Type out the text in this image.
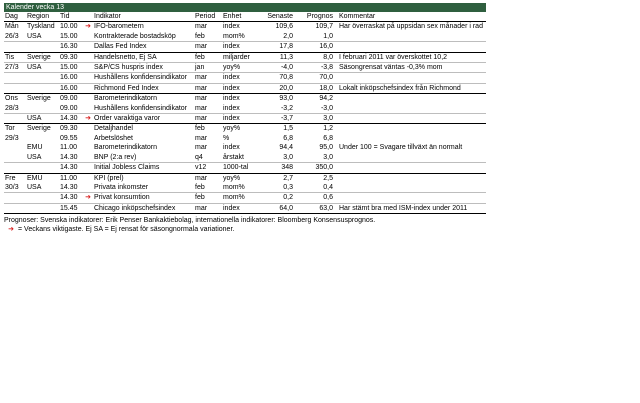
Kalender vecka 13
Dag	Region	Tid		Indikator	Period	Enhet	Senaste	Prognos	Kommentar
Mån	Tyskland	10.00	➜	IFO-barometern	mar	index	109,6	109,7	Har överraskat på uppsidan sex månader i rad
26/3	USA	15.00		Kontrakterade bostadsköp	feb	mom%	2,0	1,0	
		16.30		Dallas Fed Index	mar	index	17,8	16,0	
Tis	Sverige	09.30		Handelsnetto, Ej SA	feb	miljarder	11,3	8,0	I februari 2011 var överskottet 10,2
27/3	USA	15.00		S&P/CS huspris index	jan	yoy%	-4,0	-3,8	Säsongrensat väntas -0,3% mom
		16.00		Hushållens konfidensindikator	mar	index	70,8	70,0	
		16.00		Richmond Fed Index	mar	index	20,0	18,0	Lokalt inköpschefsindex från Richmond
Ons	Sverige	09.00		Barometerindikatorn	mar	index	93,0	94,2	
28/3		09.00		Hushållens konfidensindikator	mar	index	-3,2	-3,0	
	USA	14.30	➜	Order varaktiga varor	mar	index	-3,7	3,0	
Tor	Sverige	09.30		Detaljhandel	feb	yoy%	1,5	1,2	
29/3		09.55		Arbetslöshet	mar	%	6,8	6,8	
	EMU	11.00		Barometerindikatorn	mar	index	94,4	95,0	Under 100 = Svagare tillväxt än normalt
	USA	14.30		BNP (2:a rev)	q4	årstakt	3,0	3,0	
		14.30		Initial Jobless Claims	v12	1000-tal	348	350,0	
Fre	EMU	11.00		KPI (prel)	mar	yoy%	2,7	2,5	
30/3	USA	14.30		Privata inkomster	feb	mom%	0,3	0,4	
		14.30	➜	Privat konsumtion	feb	mom%	0,2	0,6	
		15.45		Chicago inköpschefsindex	mar	index	64,0	63,0	Har stämt bra med ISM-index under 2011
Prognoser: Svenska indikatorer: Erik Penser Bankaktiebolag, internationella indikatorer: Bloomberg Konsensusprognos.
➜ = Veckans viktigaste. Ej SA = Ej rensat för säsongnormala variationer.
